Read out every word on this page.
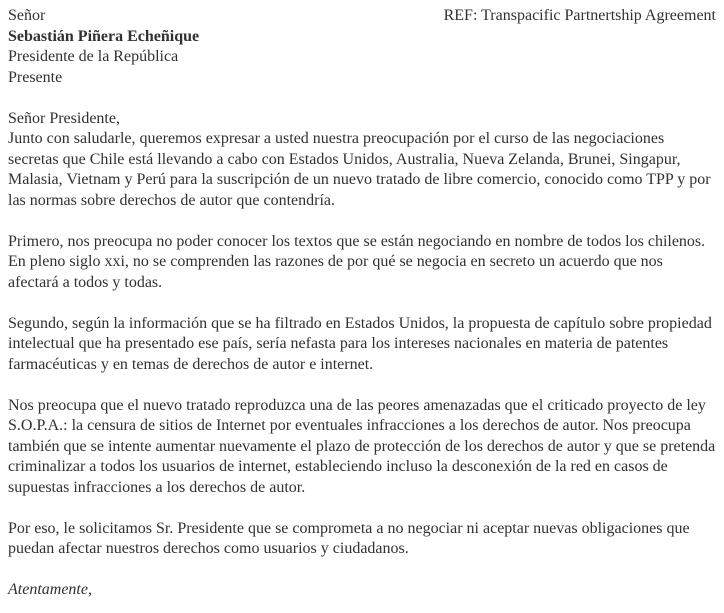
Señor
Sebastián Piñera Echeñique
Presidente de la República
Presente
REF: Transpacific Partnertship Agreement

Señor Presidente,

Junto con saludarle, queremos expresar a usted nuestra preocupación por el curso de las negociaciones secretas que Chile está llevando a cabo con Estados Unidos, Australia, Nueva Zelanda, Brunei, Singapur, Malasia, Vietnam y Perú para la suscripción de un nuevo tratado de libre comercio, conocido como TPP y por las normas sobre derechos de autor que contendría.

Primero, nos preocupa no poder conocer los textos que se están negociando en nombre de todos los chilenos. En pleno siglo xxi, no se comprenden las razones de por qué se negocia en secreto un acuerdo que nos afectará a todos y todas.

Segundo, según la información que se ha filtrado en Estados Unidos, la propuesta de capítulo sobre propiedad intelectual que ha presentado ese país, sería nefasta para los intereses nacionales en materia de patentes farmacéuticas y en temas de derechos de autor e internet.

Nos preocupa que el nuevo tratado reproduzca una de las peores amenazadas que el criticado proyecto de ley S.O.P.A.: la censura de sitios de Internet por eventuales infracciones a los derechos de autor. Nos preocupa también que se intente aumentar nuevamente el plazo de protección de los derechos de autor y que se pretenda criminalizar a todos los usuarios de internet, estableciendo incluso la desconexión de la red en casos de supuestas infracciones a los derechos de autor.

Por eso, le solicitamos Sr. Presidente que se comprometa a no negociar ni aceptar nuevas obligaciones que puedan afectar nuestros derechos como usuarios y ciudadanos.

Atentamente,
